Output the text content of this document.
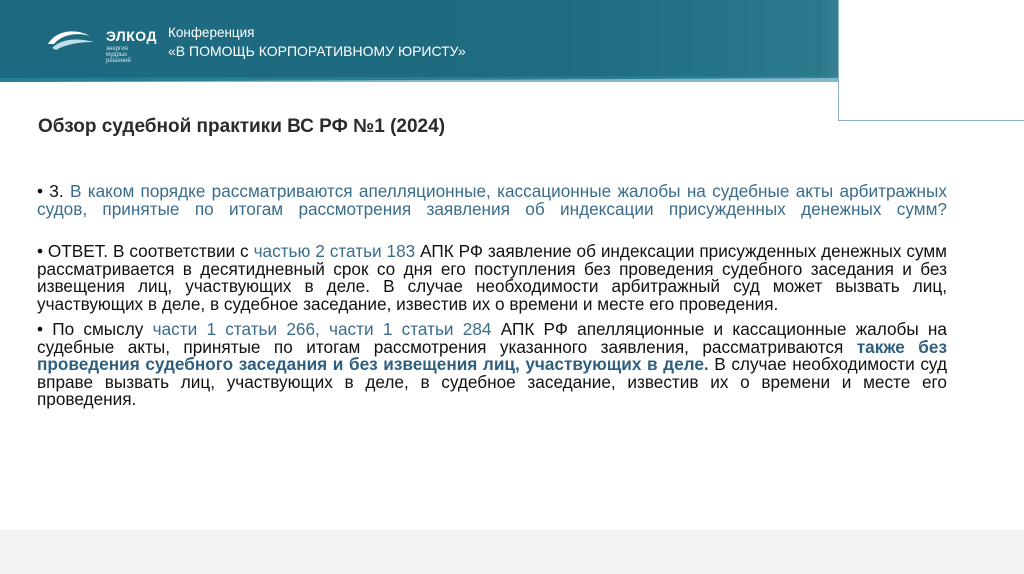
ЭЛКОД
энергия мудрых решений
Конференция
«В ПОМОЩЬ КОРПОРАТИВНОМУ ЮРИСТУ»
Обзор судебной практики ВС РФ №1 (2024)

• 3. В каком порядке рассматриваются апелляционные, кассационные жалобы на судебные акты арбитражных судов, принятые по итогам рассмотрения заявления об индексации присужденных денежных сумм?

• ОТВЕТ. В соответствии с частью 2 статьи 183 АПК РФ заявление об индексации присужденных денежных сумм рассматривается в десятидневный срок со дня его поступления без проведения судебного заседания и без извещения лиц, участвующих в деле. В случае необходимости арбитражный суд может вызвать лиц, участвующих в деле, в судебное заседание, известив их о времени и месте его проведения.

• По смыслу части 1 статьи 266, части 1 статьи 284 АПК РФ апелляционные и кассационные жалобы на судебные акты, принятые по итогам рассмотрения указанного заявления, рассматриваются также без проведения судебного заседания и без извещения лиц, участвующих в деле. В случае необходимости суд вправе вызвать лиц, участвующих в деле, в судебное заседание, известив их о времени и месте его проведения.
